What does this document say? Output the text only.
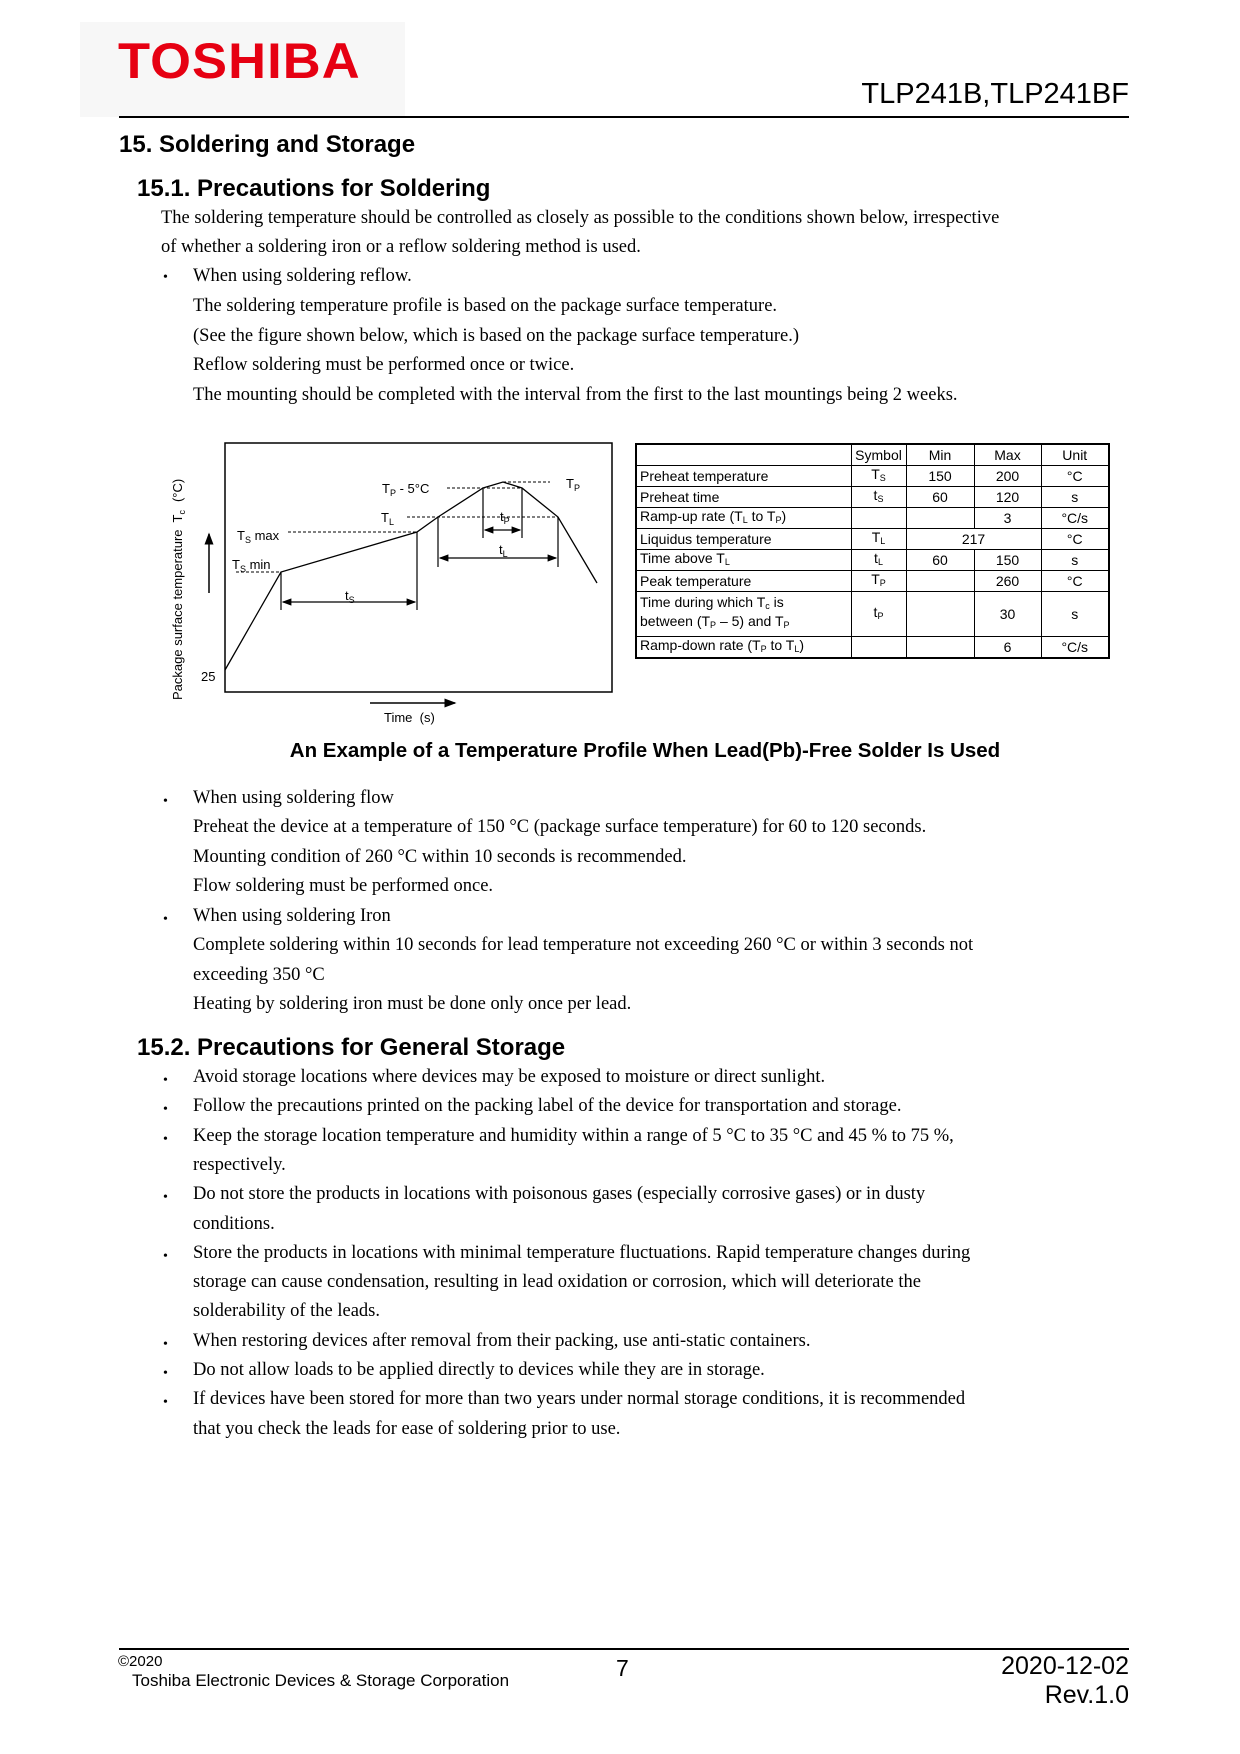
TOSHIBA
TLP241B,TLP241BF
15. Soldering and Storage
15.1. Precautions for Soldering
The soldering temperature should be controlled as closely as possible to the conditions shown below, irrespective
of whether a soldering iron or a reflow soldering method is used.
• When using soldering reflow.
The soldering temperature profile is based on the package surface temperature.
(See the figure shown below, which is based on the package surface temperature.)
Reflow soldering must be performed once or twice.
The mounting should be completed with the interval from the first to the last mountings being 2 weeks.
$T_S$ max
$T_S$ min
$T_L$
$T_P - 5^\circ C$	$T_P$
$t_S$
$t_L$
$t_P$
25
Time  (s)
Package surface temperature  $T_c(^\circ C)$
	Symbol	Min	Max	Unit
Preheat temperature	$T_S$	150	200	°C
Preheat time	$t_S$	60	120	s
Ramp-up rate ($T_L$ to $T_P$)			3	°C/s
Liquidus temperature	$T_L$	217		°C
Time above $T_L$	$t_L$	60	150	s
Peak temperature	$T_P$		260	°C
Time during which $T_c$ is
between $(T_P - 5)$ and $T_P$	$t_P$		30	s
Ramp-down rate ($T_P$ to $T_L$)			6	°C/s
An Example of a Temperature Profile When Lead(Pb)-Free Solder Is Used
• When using soldering flow
Preheat the device at a temperature of 150 °C (package surface temperature) for 60 to 120 seconds.
Mounting condition of 260 °C within 10 seconds is recommended.
Flow soldering must be performed once.
• When using soldering Iron
Complete soldering within 10 seconds for lead temperature not exceeding 260 °C or within 3 seconds not
exceeding 350 °C
Heating by soldering iron must be done only once per lead.
15.2. Precautions for General Storage
• Avoid storage locations where devices may be exposed to moisture or direct sunlight.
• Follow the precautions printed on the packing label of the device for transportation and storage.
• Keep the storage location temperature and humidity within a range of 5 °C to 35 °C and 45 % to 75 %,
respectively.
• Do not store the products in locations with poisonous gases (especially corrosive gases) or in dusty
conditions.
• Store the products in locations with minimal temperature fluctuations. Rapid temperature changes during
storage can cause condensation, resulting in lead oxidation or corrosion, which will deteriorate the
solderability of the leads.
• When restoring devices after removal from their packing, use anti-static containers.
• Do not allow loads to be applied directly to devices while they are in storage.
• If devices have been stored for more than two years under normal storage conditions, it is recommended
that you check the leads for ease of soldering prior to use.
©2020
Toshiba Electronic Devices & Storage Corporation	7	2020-12-02
Rev.1.0
